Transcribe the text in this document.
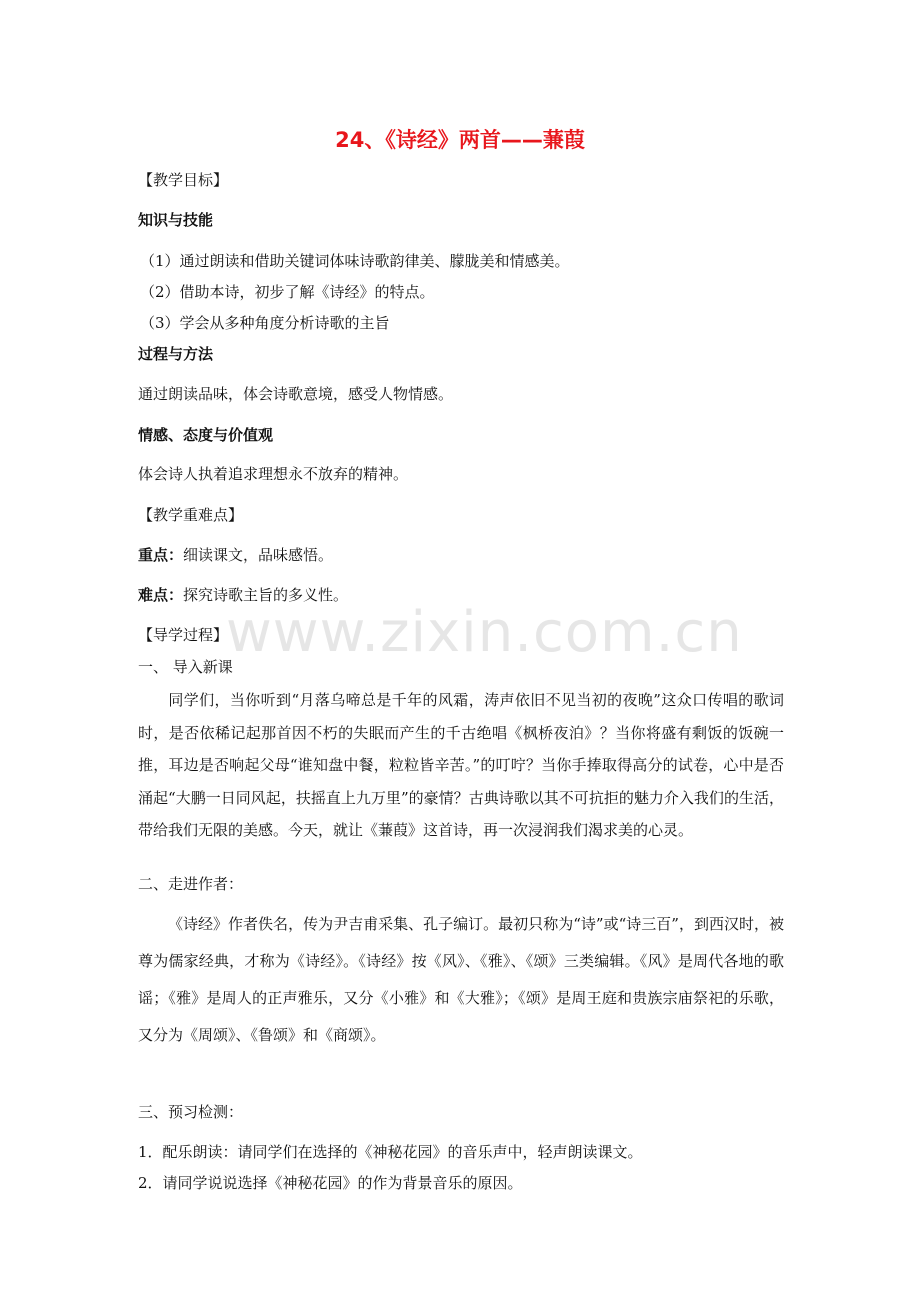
www.zixin.com.cn
24、《诗经》两首——蒹葭
【教学目标】
知识与技能
（1）通过朗读和借助关键词体味诗歌韵律美、朦胧美和情感美。
（2）借助本诗，初步了解《诗经》的特点。
（3）学会从多种角度分析诗歌的主旨
过程与方法
通过朗读品味，体会诗歌意境，感受人物情感。
情感、态度与价值观
体会诗人执着追求理想永不放弃的精神。
【教学重难点】
重点：细读课文，品味感悟。
难点：探究诗歌主旨的多义性。
【导学过程】
一、 导入新课
同学们，当你听到“月落乌啼总是千年的风霜，涛声依旧不见当初的夜晚”这众口传唱的歌词时，是否依稀记起那首因不朽的失眠而产生的千古绝唱《枫桥夜泊》？当你将盛有剩饭的饭碗一推，耳边是否响起父母“谁知盘中餐，粒粒皆辛苦。”的叮咛？当你手捧取得高分的试卷，心中是否涌起“大鹏一日同风起，扶摇直上九万里”的豪情？古典诗歌以其不可抗拒的魅力介入我们的生活，带给我们无限的美感。今天，就让《蒹葭》这首诗，再一次浸润我们渴求美的心灵。
二、走进作者：
《诗经》作者佚名，传为尹吉甫采集、孔子编订。最初只称为“诗”或“诗三百”，到西汉时，被尊为儒家经典，才称为《诗经》。《诗经》按《风》、《雅》、《颂》三类编辑。《风》是周代各地的歌谣；《雅》是周人的正声雅乐，又分《小雅》和《大雅》；《颂》是周王庭和贵族宗庙祭祀的乐歌，又分为《周颂》、《鲁颂》和《商颂》。
三、预习检测：
1．配乐朗读：请同学们在选择的《神秘花园》的音乐声中，轻声朗读课文。
2．请同学说说选择《神秘花园》的作为背景音乐的原因。
